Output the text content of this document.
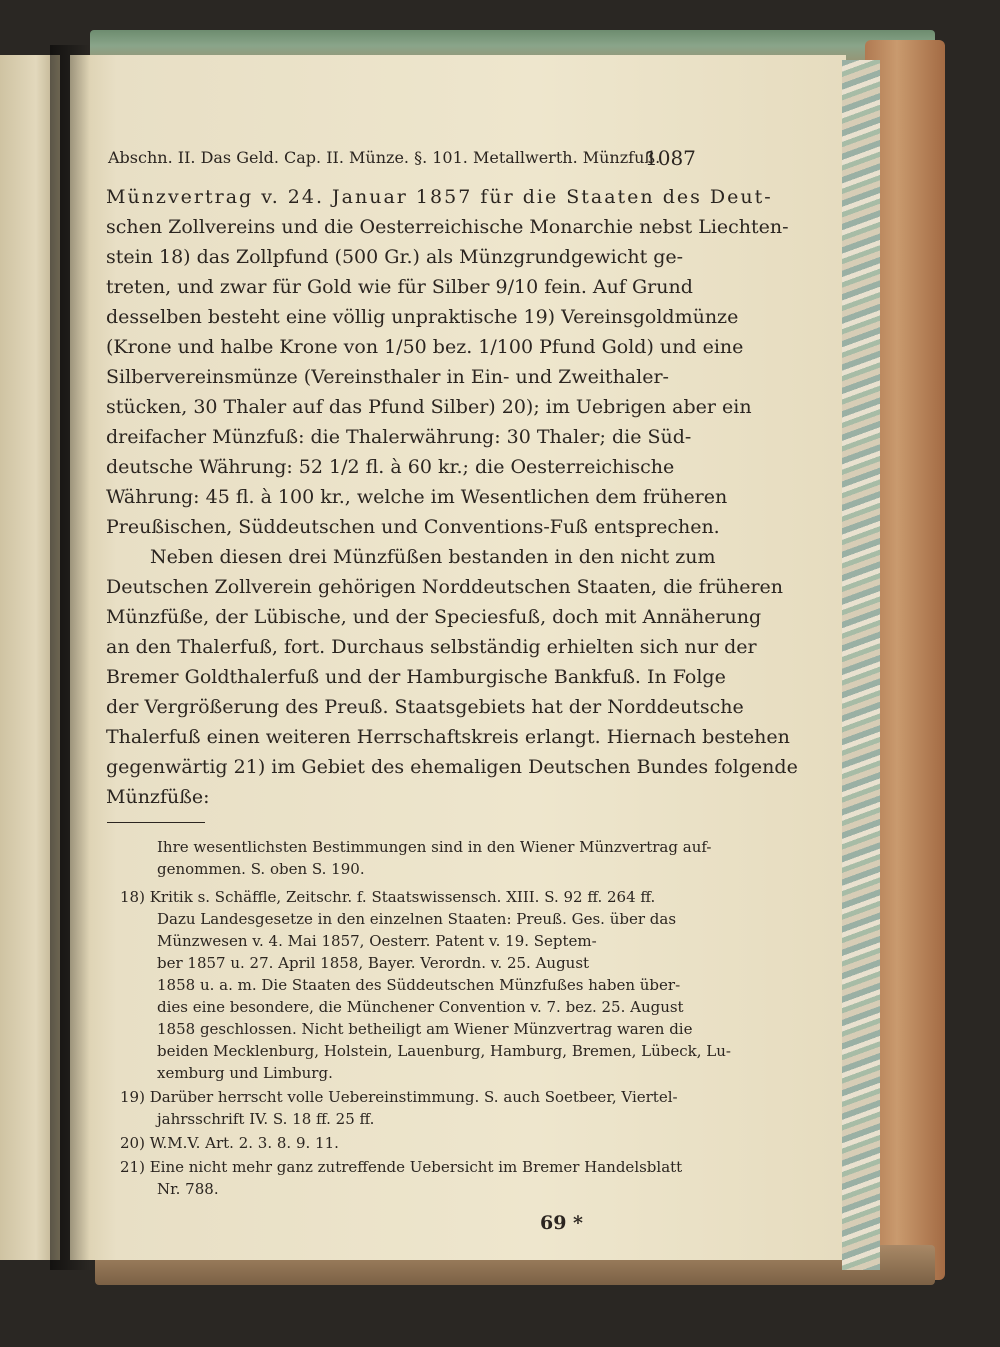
Abschn. II. Das Geld. Cap. II. Münze. §. 101. Metallwerth. Münzfuß.
1087
Münzvertrag v. 24. Januar 1857 für die Staaten des Deut-
schen Zollvereins und die Oesterreichische Monarchie nebst Liechten-
stein 18) das Zollpfund (500 Gr.) als Münzgrundgewicht ge-
treten, und zwar für Gold wie für Silber 9/10 fein. Auf Grund
desselben besteht eine völlig unpraktische 19) Vereinsgoldmünze
(Krone und halbe Krone von 1/50 bez. 1/100 Pfund Gold) und eine
Silbervereinsmünze (Vereinsthaler in Ein- und Zweithaler-
stücken, 30 Thaler auf das Pfund Silber) 20); im Uebrigen aber ein
dreifacher Münzfuß: die Thalerwährung: 30 Thaler; die Süd-
deutsche Währung: 52 1/2 fl. à 60 kr.; die Oesterreichische
Währung: 45 fl. à 100 kr., welche im Wesentlichen dem früheren
Preußischen, Süddeutschen und Conventions-Fuß entsprechen.
Neben diesen drei Münzfüßen bestanden in den nicht zum
Deutschen Zollverein gehörigen Norddeutschen Staaten, die früheren
Münzfüße, der Lübische, und der Speciesfuß, doch mit Annäherung
an den Thalerfuß, fort. Durchaus selbständig erhielten sich nur der
Bremer Goldthalerfuß und der Hamburgische Bankfuß. In Folge
der Vergrößerung des Preuß. Staatsgebiets hat der Norddeutsche
Thalerfuß einen weiteren Herrschaftskreis erlangt. Hiernach bestehen
gegenwärtig 21) im Gebiet des ehemaligen Deutschen Bundes folgende
Münzfüße:
Ihre wesentlichsten Bestimmungen sind in den Wiener Münzvertrag auf-
genommen. S. oben S. 190.
18) Kritik s. Schäffle, Zeitschr. f. Staatswissensch. XIII. S. 92 ff. 264 ff.
Dazu Landesgesetze in den einzelnen Staaten: Preuß. Ges. über das
Münzwesen v. 4. Mai 1857, Oesterr. Patent v. 19. Septem-
ber 1857 u. 27. April 1858, Bayer. Verordn. v. 25. August
1858 u. a. m. Die Staaten des Süddeutschen Münzfußes haben über-
dies eine besondere, die Münchener Convention v. 7. bez. 25. August
1858 geschlossen. Nicht betheiligt am Wiener Münzvertrag waren die
beiden Mecklenburg, Holstein, Lauenburg, Hamburg, Bremen, Lübeck, Lu-
xemburg und Limburg.
19) Darüber herrscht volle Uebereinstimmung. S. auch Soetbeer, Viertel-
jahrsschrift IV. S. 18 ff. 25 ff.
20) W.M.V. Art. 2. 3. 8. 9. 11.
21) Eine nicht mehr ganz zutreffende Uebersicht im Bremer Handelsblatt
Nr. 788.
69 *
